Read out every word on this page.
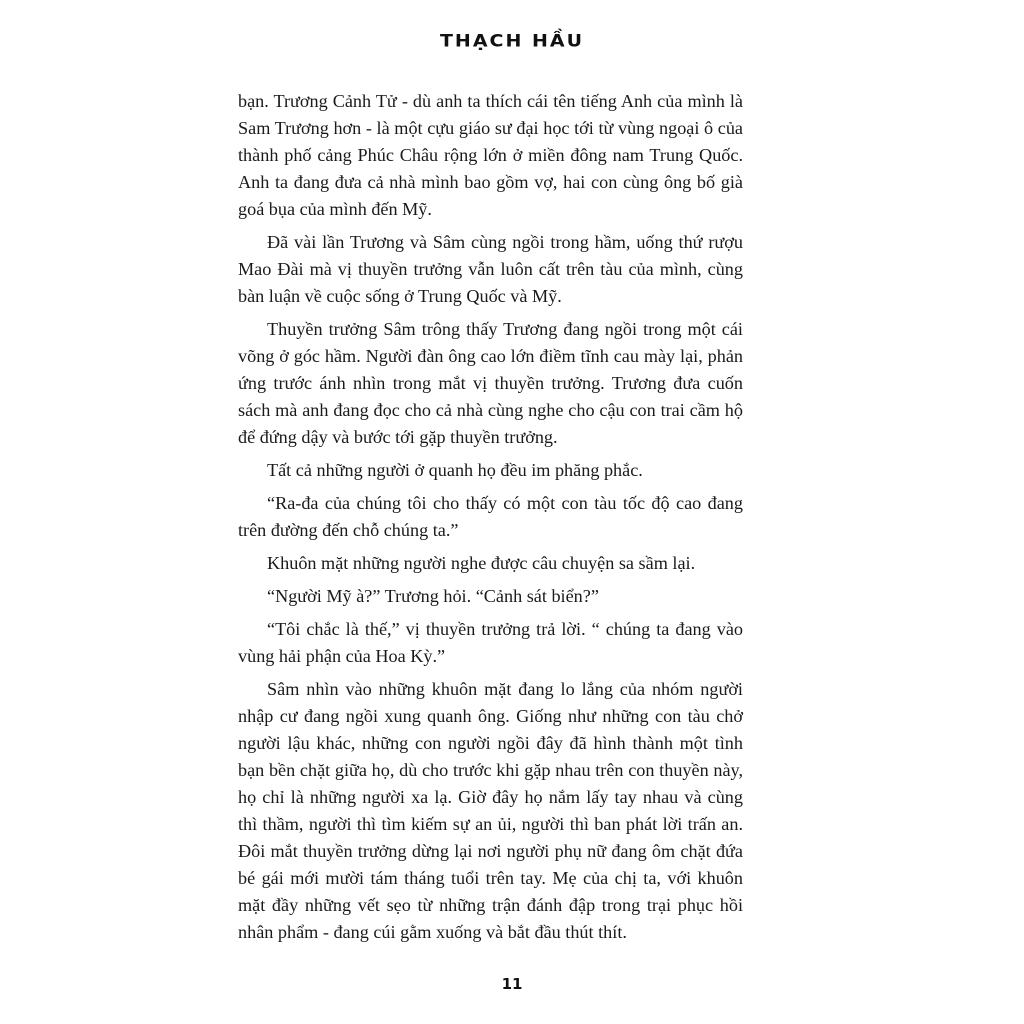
THẠCH HẦU

bạn. Trương Cảnh Tử - dù anh ta thích cái tên tiếng Anh của mình là Sam Trương hơn - là một cựu giáo sư đại học tới từ vùng ngoại ô của thành phố cảng Phúc Châu rộng lớn ở miền đông nam Trung Quốc. Anh ta đang đưa cả nhà mình bao gồm vợ, hai con cùng ông bố già goá bụa của mình đến Mỹ.

Đã vài lần Trương và Sâm cùng ngồi trong hầm, uống thứ rượu Mao Đài mà vị thuyền trưởng vẫn luôn cất trên tàu của mình, cùng bàn luận về cuộc sống ở Trung Quốc và Mỹ.

Thuyền trưởng Sâm trông thấy Trương đang ngồi trong một cái võng ở góc hầm. Người đàn ông cao lớn điềm tĩnh cau mày lại, phản ứng trước ánh nhìn trong mắt vị thuyền trưởng. Trương đưa cuốn sách mà anh đang đọc cho cả nhà cùng nghe cho cậu con trai cầm hộ để đứng dậy và bước tới gặp thuyền trưởng.

Tất cả những người ở quanh họ đều im phăng phắc.

“Ra-đa của chúng tôi cho thấy có một con tàu tốc độ cao đang trên đường đến chỗ chúng ta.”

Khuôn mặt những người nghe được câu chuyện sa sầm lại.

“Người Mỹ à?” Trương hỏi. “Cảnh sát biển?”

“Tôi chắc là thế,” vị thuyền trưởng trả lời. “ chúng ta đang vào vùng hải phận của Hoa Kỳ.”

Sâm nhìn vào những khuôn mặt đang lo lắng của nhóm người nhập cư đang ngồi xung quanh ông. Giống như những con tàu chở người lậu khác, những con người ngồi đây đã hình thành một tình bạn bền chặt giữa họ, dù cho trước khi gặp nhau trên con thuyền này, họ chỉ là những người xa lạ. Giờ đây họ nắm lấy tay nhau và cùng thì thầm, người thì tìm kiếm sự an ủi, người thì ban phát lời trấn an. Đôi mắt thuyền trưởng dừng lại nơi người phụ nữ đang ôm chặt đứa bé gái mới mười tám tháng tuổi trên tay. Mẹ của chị ta, với khuôn mặt đầy những vết sẹo từ những trận đánh đập trong trại phục hồi nhân phẩm - đang cúi gằm xuống và bắt đầu thút thít.

11
